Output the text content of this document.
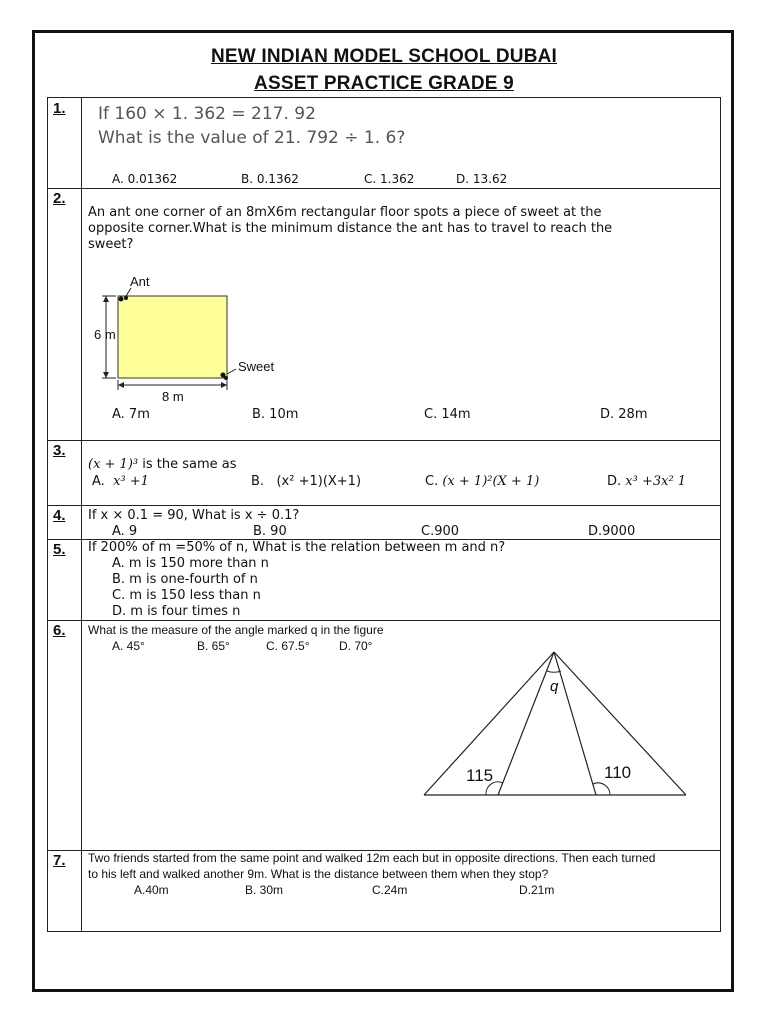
NEW INDIAN MODEL SCHOOL DUBAI
ASSET PRACTICE GRADE 9
1. If 160 × 1. 362 = 217. 92
What is the value of 21. 792 ÷ 1. 6?
A. 0.01362	B. 0.1362	C. 1.362	D. 13.62
2.
An ant one corner of an 8mX6m rectangular floor spots a piece of sweet at the
opposite corner.What is the minimum distance the ant has to travel to reach the
sweet?
Ant
Sweet
6 m
8 m
A. 7m	B. 10m	C. 14m	D. 28m
3.
(x + 1)³ is the same as
A. x³ +1	B. (x² +1)(X+1)	C. (x + 1)²(X + 1)	D. x³ +3x² 1
4. If x × 0.1 = 90, What is x ÷ 0.1?
A. 9	B. 90	C.900	D.9000
5. If 200% of m =50% of n, What is the relation between m and n?
A. m is 150 more than n
B. m is one-fourth of n
C. m is 150 less than n
D. m is four times n
6. What is the measure of the angle marked q in the figure
A. 45°	B. 65°	C. 67.5° D. 70°
q
115	110
7. Two friends started from the same point and walked 12m each but in opposite directions. Then each turned
to his left and walked another 9m. What is the distance between them when they stop?
A.40m	B. 30m	C.24m	D.21m
